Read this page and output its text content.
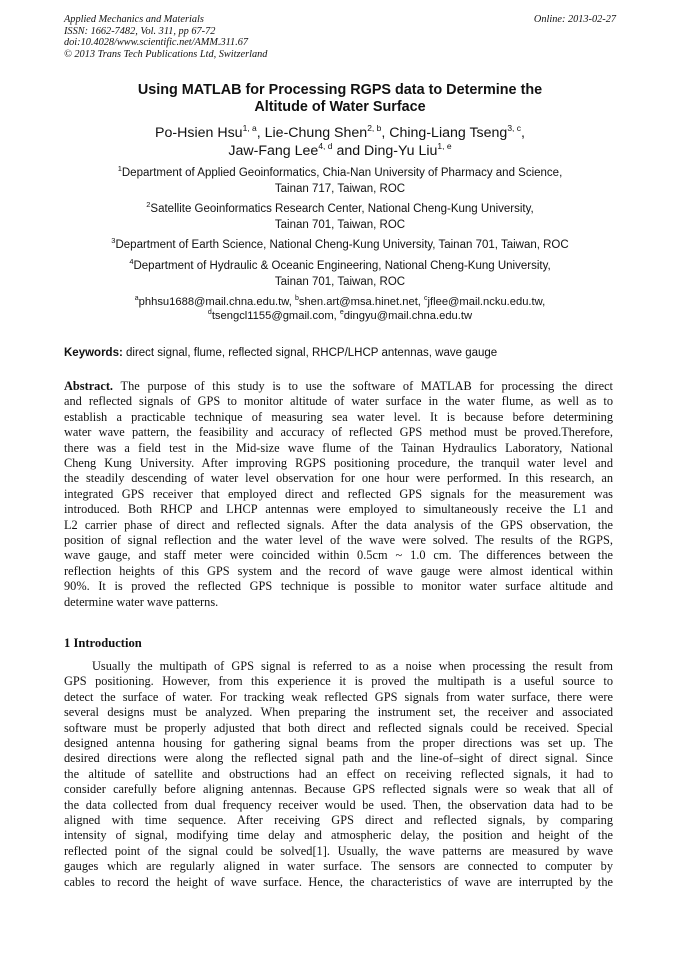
Applied Mechanics and Materials
ISSN: 1662-7482, Vol. 311, pp 67-72
doi:10.4028/www.scientific.net/AMM.311.67
© 2013 Trans Tech Publications Ltd, Switzerland
Online: 2013-02-27
Using MATLAB for Processing RGPS data to Determine the
Altitude of Water Surface
Po-Hsien Hsu$^{1, a}$, Lie-Chung Shen$^{2, b}$, Ching-Liang Tseng$^{3, c}$,
Jaw-Fang Lee$^{4, d}$ and Ding-Yu Liu$^{1, e}$
$^1$Department of Applied Geoinformatics, Chia-Nan University of Pharmacy and Science,
Tainan 717, Taiwan, ROC
$^2$Satellite Geoinformatics Research Center, National Cheng-Kung University,
Tainan 701, Taiwan, ROC
$^3$Department of Earth Science, National Cheng-Kung University, Tainan 701, Taiwan, ROC
$^4$Department of Hydraulic & Oceanic Engineering, National Cheng-Kung University,
Tainan 701, Taiwan, ROC
$^a$phhsu1688@mail.chna.edu.tw, $^b$shen.art@msa.hinet.net, $^c$jflee@mail.ncku.edu.tw,
$^d$tsengcl1155@gmail.com, $^e$dingyu@mail.chna.edu.tw
Keywords: direct signal, flume, reflected signal, RHCP/LHCP antennas, wave gauge
Abstract. The purpose of this study is to use the software of MATLAB for processing the direct
and reflected signals of GPS to monitor altitude of water surface in the water flume, as well as to
establish a practicable technique of measuring sea water level. It is because before determining
water wave pattern, the feasibility and accuracy of reflected GPS method must be proved.Therefore,
there was a field test in the Mid-size wave flume of the Tainan Hydraulics Laboratory, National
Cheng Kung University. After improving RGPS positioning procedure, the tranquil water level and
the steadily descending of water level observation for one hour were performed. In this research, an
integrated GPS receiver that employed direct and reflected GPS signals for the measurement was
introduced. Both RHCP and LHCP antennas were employed to simultaneously receive the L1 and
L2 carrier phase of direct and reflected signals. After the data analysis of the GPS observation, the
position of signal reflection and the water level of the wave were solved. The results of the RGPS,
wave gauge, and staff meter were coincided within 0.5cm ~ 1.0 cm. The differences between the
reflection heights of this GPS system and the record of wave gauge were almost identical within
90%. It is proved the reflected GPS technique is possible to monitor water surface altitude and
determine water wave patterns.
1 Introduction
Usually the multipath of GPS signal is referred to as a noise when processing the result from
GPS positioning. However, from this experience it is proved the multipath is a useful source to
detect the surface of water. For tracking weak reflected GPS signals from water surface, there were
several designs must be analyzed. When preparing the instrument set, the receiver and associated
software must be properly adjusted that both direct and reflected signals could be received. Special
designed antenna housing for gathering signal beams from the proper directions was set up. The
desired directions were along the reflected signal path and the line-of–sight of direct signal. Since
the altitude of satellite and obstructions had an effect on receiving reflected signals, it had to
consider carefully before aligning antennas. Because GPS reflected signals were so weak that all of
the data collected from dual frequency receiver would be used. Then, the observation data had to be
aligned with time sequence. After receiving GPS direct and reflected signals, by comparing
intensity of signal, modifying time delay and atmospheric delay, the position and height of the
reflected point of the signal could be solved[1]. Usually, the wave patterns are measured by wave
gauges which are regularly aligned in water surface. The sensors are connected to computer by
cables to record the height of wave surface. Hence, the characteristics of wave are interrupted by the
